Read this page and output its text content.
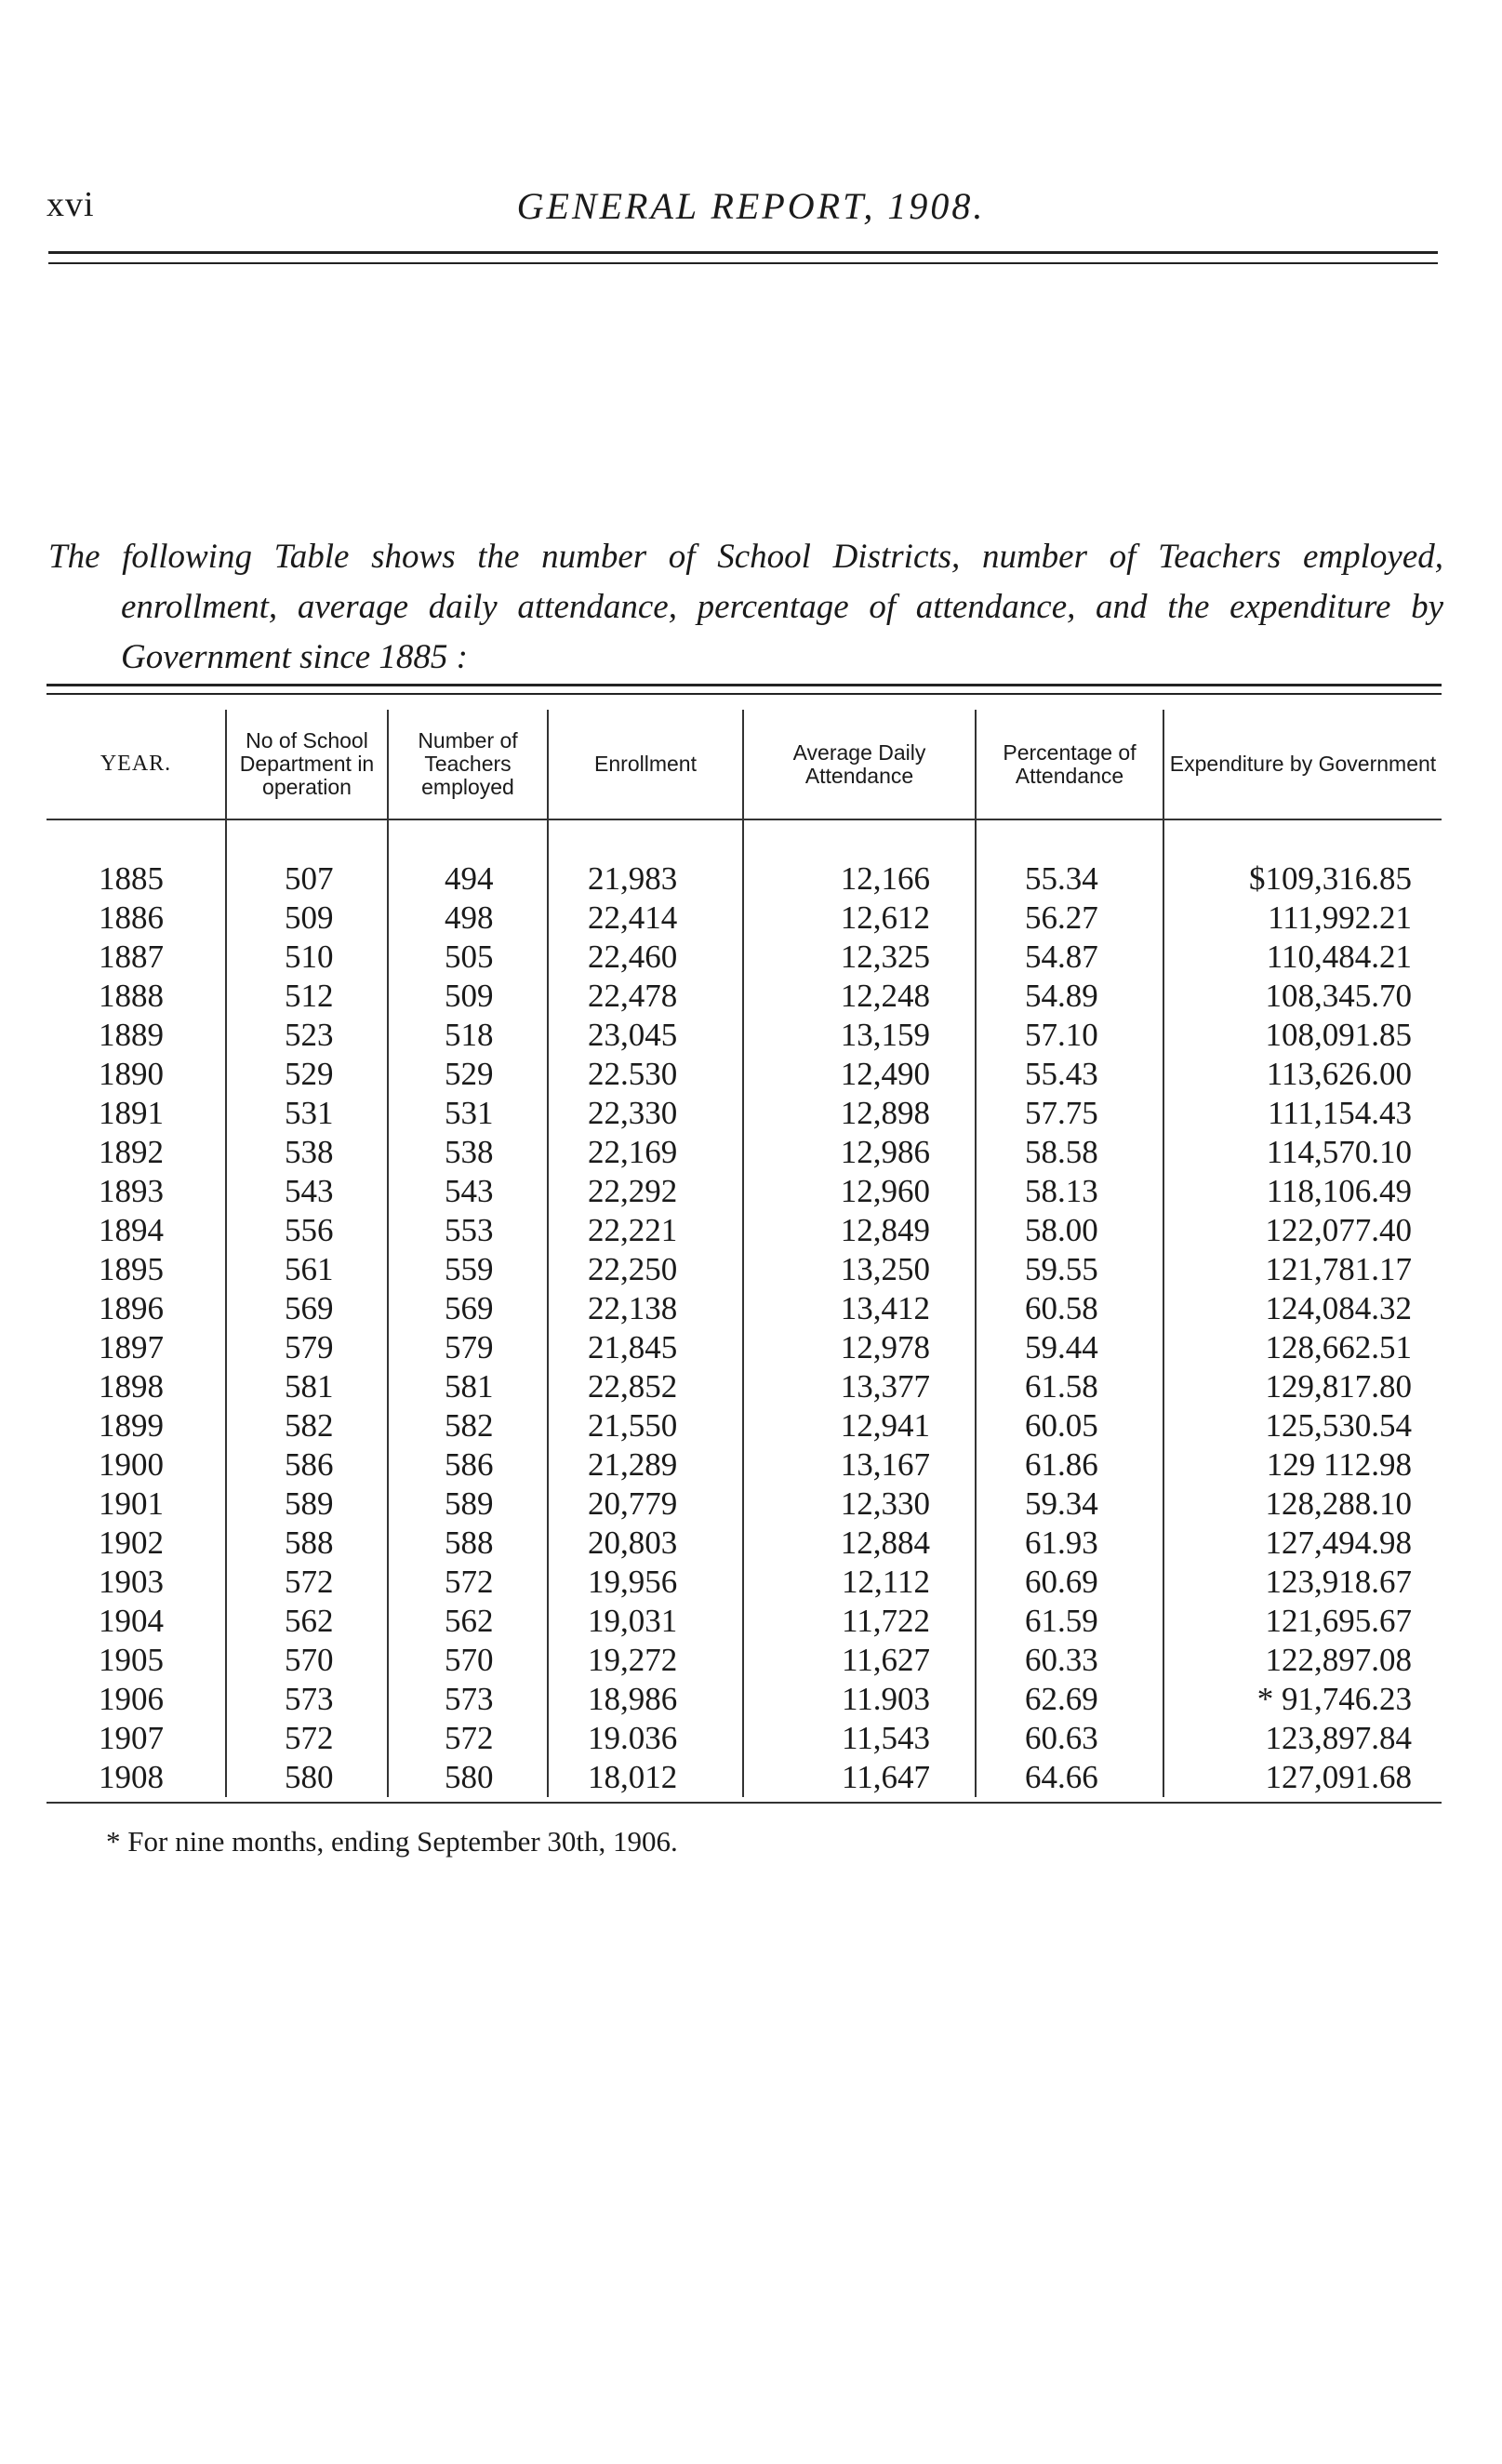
xvi	GENERAL REPORT, 1908.

The following Table shows the number of School Districts, number of Teachers employed, enrollment, average daily attendance, percentage of attendance, and the expenditure by Government since 1885 :

YEAR.	No of School Department in operation	Number of Teachers employed	Enrollment	Average Daily Attendance	Percentage of Attendance	Expenditure by Government

1885	507	494	21,983	12,166	55.34	$109,316.85
1886	509	498	22,414	12,612	56.27	111,992.21
1887	510	505	22,460	12,325	54.87	110,484.21
1888	512	509	22,478	12,248	54.89	108,345.70
1889	523	518	23,045	13,159	57.10	108,091.85
1890	529	529	22.530	12,490	55.43	113,626.00
1891	531	531	22,330	12,898	57.75	111,154.43
1892	538	538	22,169	12,986	58.58	114,570.10
1893	543	543	22,292	12,960	58.13	118,106.49
1894	556	553	22,221	12,849	58.00	122,077.40
1895	561	559	22,250	13,250	59.55	121,781.17
1896	569	569	22,138	13,412	60.58	124,084.32
1897	579	579	21,845	12,978	59.44	128,662.51
1898	581	581	22,852	13,377	61.58	129,817.80
1899	582	582	21,550	12,941	60.05	125,530.54
1900	586	586	21,289	13,167	61.86	129 112.98
1901	589	589	20,779	12,330	59.34	128,288.10
1902	588	588	20,803	12,884	61.93	127,494.98
1903	572	572	19,956	12,112	60.69	123,918.67
1904	562	562	19,031	11,722	61.59	121,695.67
1905	570	570	19,272	11,627	60.33	122,897.08
1906	573	573	18,986	11.903	62.69	* 91,746.23
1907	572	572	19.036	11,543	60.63	123,897.84
1908	580	580	18,012	11,647	64.66	127,091.68
* For nine months, ending September 30th, 1906.
